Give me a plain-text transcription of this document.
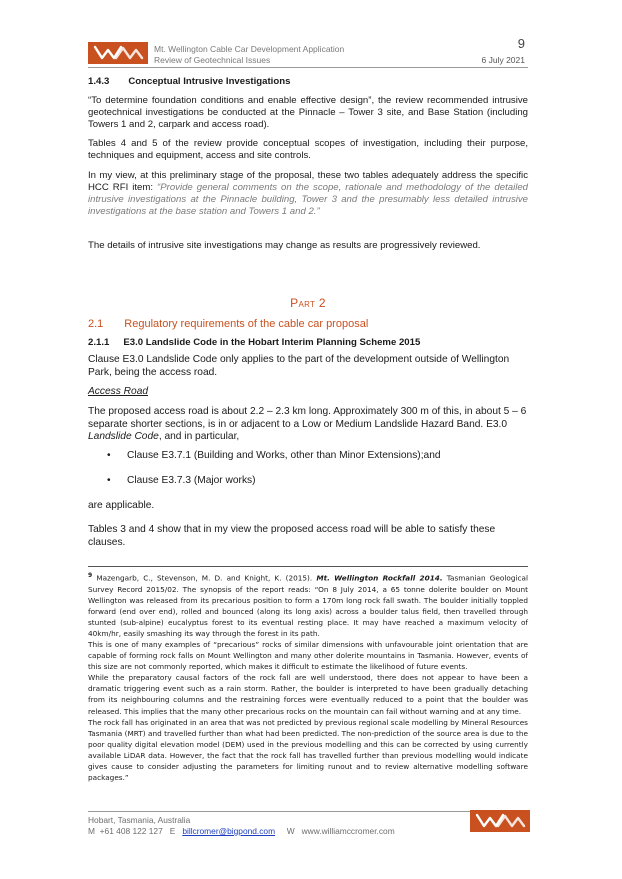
Mt. Wellington Cable Car Development Application
Review of Geotechnical Issues
9
6 July 2021
1.4.3 Conceptual Intrusive Investigations
“To determine foundation conditions and enable effective design”, the review recommended intrusive geotechnical investigations be conducted at the Pinnacle – Tower 3 site, and Base Station (including Towers 1 and 2, carpark and access road).
Tables 4 and 5 of the review provide conceptual scopes of investigation, including their purpose, techniques and equipment, access and site controls.
In my view, at this preliminary stage of the proposal, these two tables adequately address the specific HCC RFI item: “Provide general comments on the scope, rationale and methodology of the detailed intrusive investigations at the Pinnacle building, Tower 3 and the presumably less detailed intrusive investigations at the base station and Towers 1 and 2.”
The details of intrusive site investigations may change as results are progressively reviewed.
Part 2
2.1 Regulatory requirements of the cable car proposal
2.1.1 E3.0 Landslide Code in the Hobart Interim Planning Scheme 2015
Clause E3.0 Landslide Code only applies to the part of the development outside of Wellington Park, being the access road.
Access Road
The proposed access road is about 2.2 – 2.3 km long. Approximately 300 m of this, in about 5 – 6 separate shorter sections, is in or adjacent to a Low or Medium Landslide Hazard Band. E3.0 Landslide Code, and in particular,
• Clause E3.7.1 (Building and Works, other than Minor Extensions);and
• Clause E3.7.3 (Major works)
are applicable.
Tables 3 and 4 show that in my view the proposed access road will be able to satisfy these clauses.
$^9$ Mazengarb, C., Stevenson, M. D. and Knight, K. (2015). Mt. Wellington Rockfall 2014. Tasmanian Geological Survey Record 2015/02. The synopsis of the report reads: “On 8 July 2014, a 65 tonne dolerite boulder on Mount Wellington was released from its precarious position to form a 170m long rock fall swath. The boulder initially toppled forward (end over end), rolled and bounced (along its long axis) across a boulder talus field, then travelled through stunted (sub-alpine) eucalyptus forest to its eventual resting place. It may have reached a maximum velocity of 40km/hr, easily smashing its way through the forest in its path.
This is one of many examples of “precarious” rocks of similar dimensions with unfavourable joint orientation that are capable of forming rock falls on Mount Wellington and many other dolerite mountains in Tasmania. However, events of this size are not commonly reported, which makes it difficult to estimate the likelihood of future events.
While the preparatory causal factors of the rock fall are well understood, there does not appear to have been a dramatic triggering event such as a rain storm. Rather, the boulder is interpreted to have been gradually detaching from its neighbouring columns and the restraining forces were eventually reduced to a point that the boulder was released. This implies that the many other precarious rocks on the mountain can fail without warning and at any time.
The rock fall has originated in an area that was not predicted by previous regional scale modelling by Mineral Resources Tasmania (MRT) and travelled further than what had been predicted. The non-prediction of the source area is due to the poor quality digital elevation model (DEM) used in the previous modelling and this can be corrected by using currently available LiDAR data. However, the fact that the rock fall has travelled further than previous modelling would indicate gives cause to consider adjusting the parameters for limiting runout and to review alternative modelling software packages.”
Hobart, Tasmania, Australia
M +61 408 122 127 E billcromer@bigpond.com W www.williamccromer.com
